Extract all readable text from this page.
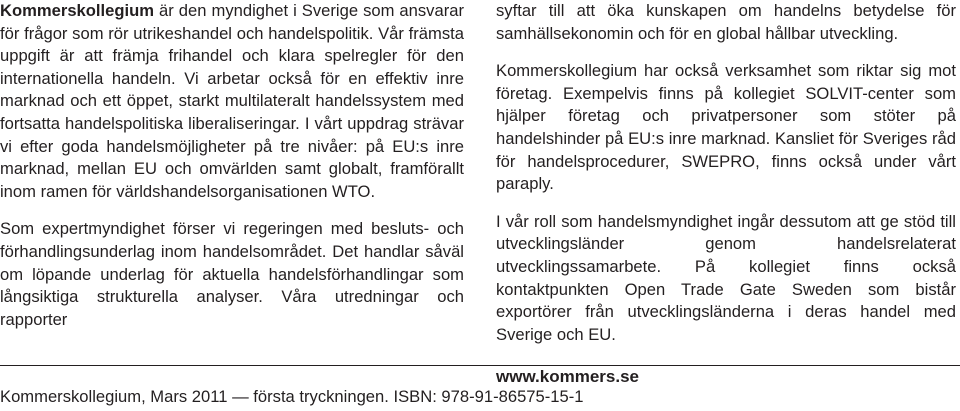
Kommerskollegium är den myndighet i Sverige som ansvarar för frågor som rör utrikeshandel och handelspolitik. Vår främsta uppgift är att främja frihandel och klara spelregler för den internationella handeln. Vi arbetar också för en effektiv inre marknad och ett öppet, starkt multilateralt handelssystem med fortsatta handelspolitiska liberaliseringar. I vårt uppdrag strävar vi efter goda handelsmöjligheter på tre nivåer: på EU:s inre marknad, mellan EU och omvärlden samt globalt, framförallt inom ramen för världshandelsorganisationen WTO.

Som expertmyndighet förser vi regeringen med besluts- och förhandlingsunderlag inom handelsområdet. Det handlar såväl om löpande underlag för aktuella handelsförhandlingar som långsiktiga strukturella analyser. Våra utredningar och rapporter

syftar till att öka kunskapen om handelns betydelse för samhällsekonomin och för en global hållbar utveckling.

Kommerskollegium har också verksamhet som riktar sig mot företag. Exempelvis finns på kollegiet SOLVIT-center som hjälper företag och privatpersoner som stöter på handelshinder på EU:s inre marknad. Kansliet för Sveriges råd för handelsprocedurer, SWEPRO, finns också under vårt paraply.

I vår roll som handelsmyndighet ingår dessutom att ge stöd till utvecklingsländer genom handelsrelaterat utvecklingssamarbete. På kollegiet finns också kontaktpunkten Open Trade Gate Sweden som bistår exportörer från utvecklingsländerna i deras handel med Sverige och EU.

www.kommers.se
Kommerskollegium, Mars 2011 — första tryckningen. ISBN: 978-91-86575-15-1
